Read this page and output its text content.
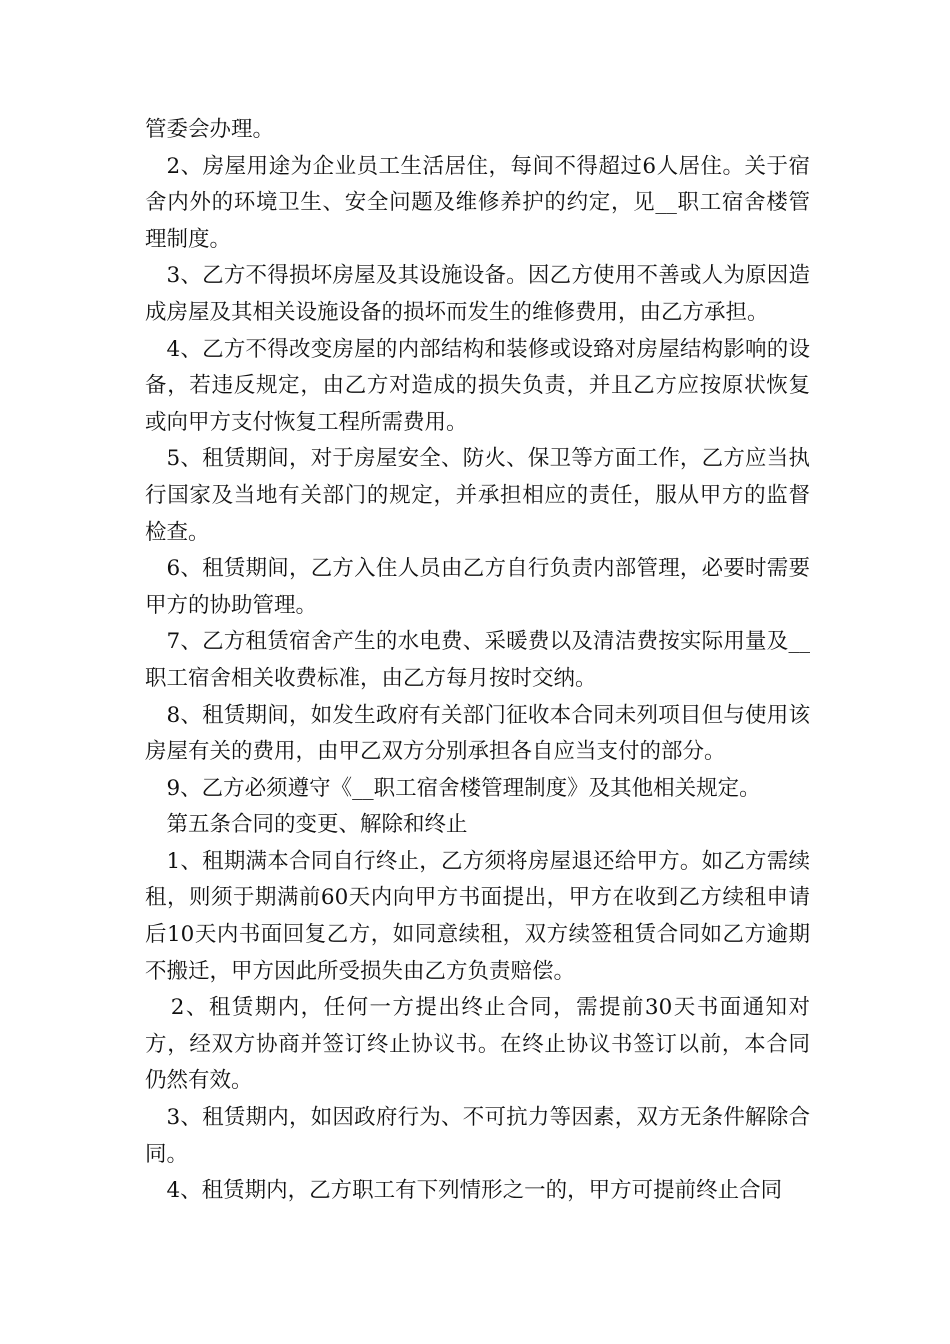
管委会办理。

2、房屋用途为企业员工生活居住，每间不得超过6人居住。关于宿舍内外的环境卫生、安全问题及维修养护的约定，见__职工宿舍楼管理制度。

3、乙方不得损坏房屋及其设施设备。因乙方使用不善或人为原因造成房屋及其相关设施设备的损坏而发生的维修费用，由乙方承担。

4、乙方不得改变房屋的内部结构和装修或设臵对房屋结构影响的设备，若违反规定，由乙方对造成的损失负责，并且乙方应按原状恢复或向甲方支付恢复工程所需费用。

5、租赁期间，对于房屋安全、防火、保卫等方面工作，乙方应当执行国家及当地有关部门的规定，并承担相应的责任，服从甲方的监督检查。

6、租赁期间，乙方入住人员由乙方自行负责内部管理，必要时需要甲方的协助管理。

7、乙方租赁宿舍产生的水电费、采暖费以及清洁费按实际用量及__职工宿舍相关收费标准，由乙方每月按时交纳。

8、租赁期间，如发生政府有关部门征收本合同未列项目但与使用该房屋有关的费用，由甲乙双方分别承担各自应当支付的部分。

9、乙方必须遵守《__职工宿舍楼管理制度》及其他相关规定。

第五条合同的变更、解除和终止

1、租期满本合同自行终止，乙方须将房屋退还给甲方。如乙方需续租，则须于期满前60天内向甲方书面提出，甲方在收到乙方续租申请后10天内书面回复乙方，如同意续租，双方续签租赁合同如乙方逾期不搬迁，甲方因此所受损失由乙方负责赔偿。

2、租赁期内，任何一方提出终止合同，需提前30天书面通知对方，经双方协商并签订终止协议书。在终止协议书签订以前，本合同仍然有效。

3、租赁期内，如因政府行为、不可抗力等因素，双方无条件解除合同。

4、租赁期内，乙方职工有下列情形之一的，甲方可提前终止合同
